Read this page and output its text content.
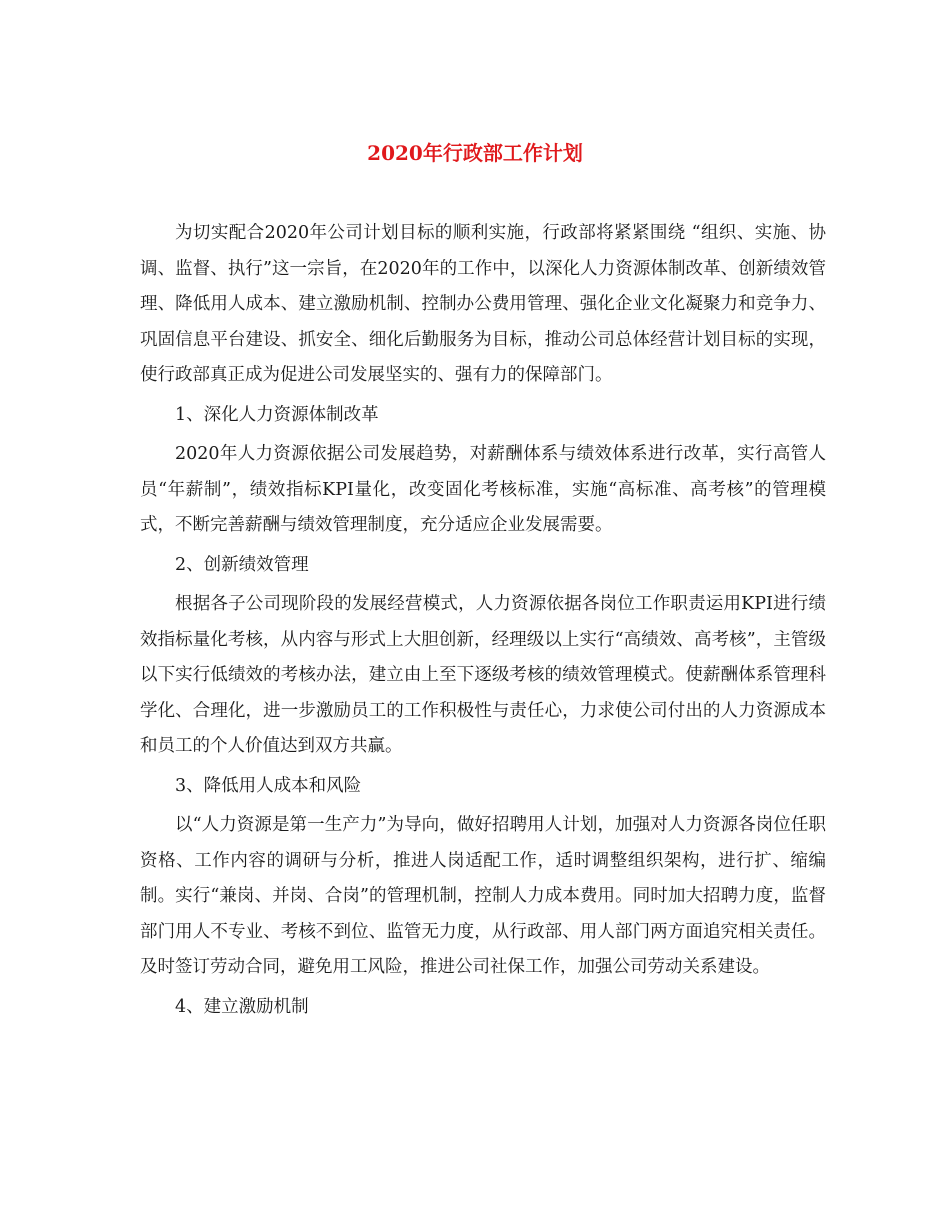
2020年行政部工作计划

为切实配合2020年公司计划目标的顺利实施，行政部将紧紧围绕 “组织、实施、协调、监督、执行”这一宗旨，在2020年的工作中，以深化人力资源体制改革、创新绩效管理、降低用人成本、建立激励机制、控制办公费用管理、强化企业文化凝聚力和竞争力、巩固信息平台建设、抓安全、细化后勤服务为目标，推动公司总体经营计划目标的实现，使行政部真正成为促进公司发展坚实的、强有力的保障部门。

1、深化人力资源体制改革

2020年人力资源依据公司发展趋势，对薪酬体系与绩效体系进行改革，实行高管人员“年薪制”，绩效指标KPI量化，改变固化考核标准，实施“高标准、高考核”的管理模式，不断完善薪酬与绩效管理制度，充分适应企业发展需要。

2、创新绩效管理

根据各子公司现阶段的发展经营模式，人力资源依据各岗位工作职责运用KPI进行绩效指标量化考核，从内容与形式上大胆创新，经理级以上实行“高绩效、高考核”，主管级以下实行低绩效的考核办法，建立由上至下逐级考核的绩效管理模式。使薪酬体系管理科学化、合理化，进一步激励员工的工作积极性与责任心，力求使公司付出的人力资源成本和员工的个人价值达到双方共赢。

3、降低用人成本和风险

以“人力资源是第一生产力”为导向，做好招聘用人计划，加强对人力资源各岗位任职资格、工作内容的调研与分析，推进人岗适配工作，适时调整组织架构，进行扩、缩编制。实行“兼岗、并岗、合岗”的管理机制，控制人力成本费用。同时加大招聘力度，监督部门用人不专业、考核不到位、监管无力度，从行政部、用人部门两方面追究相关责任。及时签订劳动合同，避免用工风险，推进公司社保工作，加强公司劳动关系建设。

4、建立激励机制
